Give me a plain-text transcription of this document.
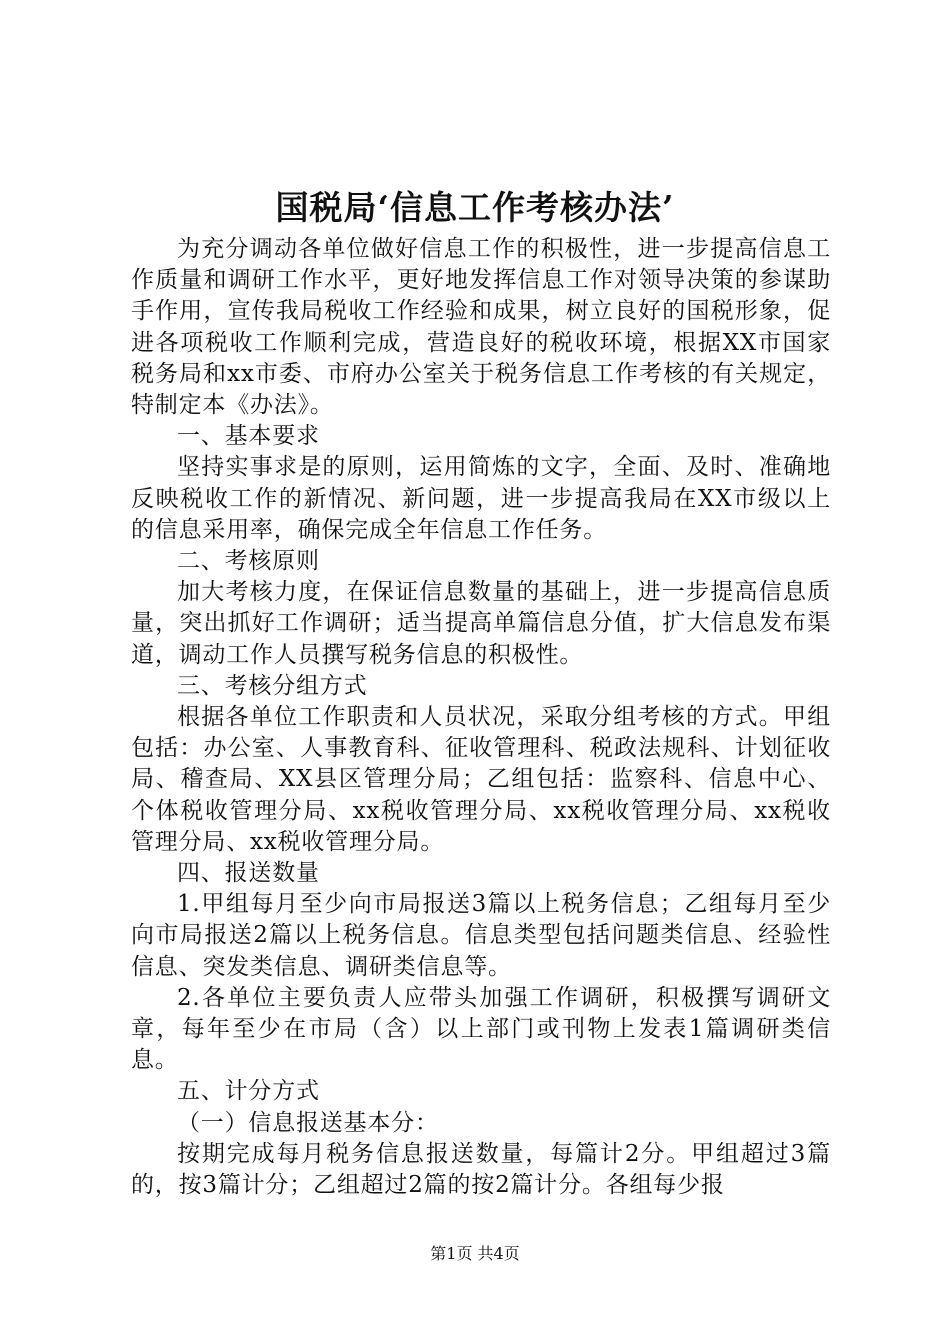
国税局‘信息工作考核办法’

为充分调动各单位做好信息工作的积极性，进一步提高信息工作质量和调研工作水平，更好地发挥信息工作对领导决策的参谋助手作用，宣传我局税收工作经验和成果，树立良好的国税形象，促进各项税收工作顺利完成，营造良好的税收环境，根据XX市国家税务局和xx市委、市府办公室关于税务信息工作考核的有关规定，特制定本《办法》。

一、基本要求

坚持实事求是的原则，运用简炼的文字，全面、及时、准确地反映税收工作的新情况、新问题，进一步提高我局在XX市级以上的信息采用率，确保完成全年信息工作任务。

二、考核原则

加大考核力度，在保证信息数量的基础上，进一步提高信息质量，突出抓好工作调研；适当提高单篇信息分值，扩大信息发布渠道，调动工作人员撰写税务信息的积极性。

三、考核分组方式

根据各单位工作职责和人员状况，采取分组考核的方式。甲组包括：办公室、人事教育科、征收管理科、税政法规科、计划征收局、稽查局、XX县区管理分局；乙组包括：监察科、信息中心、个体税收管理分局、xx税收管理分局、xx税收管理分局、xx税收管理分局、xx税收管理分局。

四、报送数量

1.甲组每月至少向市局报送3篇以上税务信息；乙组每月至少向市局报送2篇以上税务信息。信息类型包括问题类信息、经验性信息、突发类信息、调研类信息等。

2.各单位主要负责人应带头加强工作调研，积极撰写调研文章，每年至少在市局（含）以上部门或刊物上发表1篇调研类信息。

五、计分方式

（一）信息报送基本分：

按期完成每月税务信息报送数量，每篇计2分。甲组超过3篇的，按3篇计分；乙组超过2篇的按2篇计分。各组每少报

第1页 共4页
